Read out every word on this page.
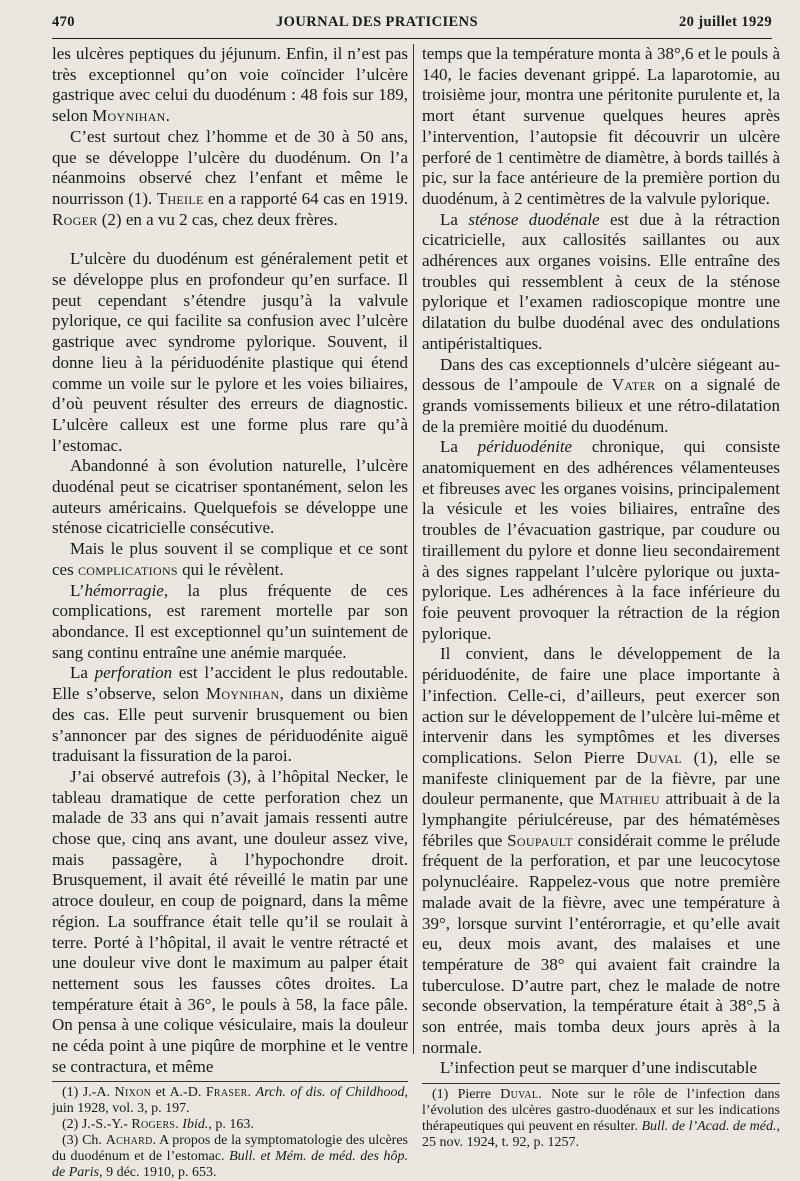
470	JOURNAL DES PRATICIENS	20 juillet 1929

les ulcères peptiques du jéjunum. Enfin, il n’est pas très exceptionnel qu’on voie coïncider l’ulcère gastrique avec celui du duodénum : 48 fois sur 189, selon Moynihan.

C’est surtout chez l’homme et de 30 à 50 ans, que se développe l’ulcère du duodénum. On l’a néanmoins observé chez l’enfant et même le nourrisson (1). Theile en a rapporté 64 cas en 1919. Roger (2) en a vu 2 cas, chez deux frères.

L’ulcère du duodénum est généralement petit et se développe plus en profondeur qu’en surface. Il peut cependant s’étendre jusqu’à la valvule pylorique, ce qui facilite sa confusion avec l’ulcère gastrique avec syndrome pylorique. Souvent, il donne lieu à la périduodénite plastique qui étend comme un voile sur le pylore et les voies biliaires, d’où peuvent résulter des erreurs de diagnostic. L’ulcère calleux est une forme plus rare qu’à l’estomac.

Abandonné à son évolution naturelle, l’ulcère duodénal peut se cicatriser spontanément, selon les auteurs américains. Quelquefois se développe une sténose cicatricielle consécutive.

Mais le plus souvent il se complique et ce sont ces complications qui le révèlent.

L’hémorragie, la plus fréquente de ces complications, est rarement mortelle par son abondance. Il est exceptionnel qu’un suintement de sang continu entraîne une anémie marquée.

La perforation est l’accident le plus redoutable. Elle s’observe, selon Moynihan, dans un dixième des cas. Elle peut survenir brusquement ou bien s’annoncer par des signes de périduodénite aiguë traduisant la fissuration de la paroi.

J’ai observé autrefois (3), à l’hôpital Necker, le tableau dramatique de cette perforation chez un malade de 33 ans qui n’avait jamais ressenti autre chose que, cinq ans avant, une douleur assez vive, mais passagère, à l’hypochondre droit. Brusquement, il avait été réveillé le matin par une atroce douleur, en coup de poignard, dans la même région. La souffrance était telle qu’il se roulait à terre. Porté à l’hôpital, il avait le ventre rétracté et une douleur vive dont le maximum au palper était nettement sous les fausses côtes droites. La température était à 36°, le pouls à 58, la face pâle. On pensa à une colique vésiculaire, mais la douleur ne céda point à une piqûre de morphine et le ventre se contractura, et même

(1) J.-A. Nixon et A.-D. Fraser. Arch. of dis. of Childhood, juin 1928, vol. 3, p. 197.

(2) J.-S.-Y.- Rogers. Ibid., p. 163.

(3) Ch. Achard. A propos de la symptomatologie des ulcères du duodénum et de l’estomac. Bull. et Mém. de méd. des hôp. de Paris, 9 déc. 1910, p. 653.

temps que la température monta à 38°,6 et le pouls à 140, le facies devenant grippé. La laparotomie, au troisième jour, montra une péritonite purulente et, la mort étant survenue quelques heures après l’intervention, l’autopsie fit découvrir un ulcère perforé de 1 centimètre de diamètre, à bords taillés à pic, sur la face antérieure de la première portion du duodénum, à 2 centimètres de la valvule pylorique.

La sténose duodénale est due à la rétraction cicatricielle, aux callosités saillantes ou aux adhérences aux organes voisins. Elle entraîne des troubles qui ressemblent à ceux de la sténose pylorique et l’examen radioscopique montre une dilatation du bulbe duodénal avec des ondulations antipéristaltiques.

Dans des cas exceptionnels d’ulcère siégeant au-dessous de l’ampoule de Vater on a signalé de grands vomissements bilieux et une rétro-dilatation de la première moitié du duodénum.

La périduodénite chronique, qui consiste anatomiquement en des adhérences vélamenteuses et fibreuses avec les organes voisins, principalement la vésicule et les voies biliaires, entraîne des troubles de l’évacuation gastrique, par coudure ou tiraillement du pylore et donne lieu secondairement à des signes rappelant l’ulcère pylorique ou juxta-pylorique. Les adhérences à la face inférieure du foie peuvent provoquer la rétraction de la région pylorique.

Il convient, dans le développement de la périduodénite, de faire une place importante à l’infection. Celle-ci, d’ailleurs, peut exercer son action sur le développement de l’ulcère lui-même et intervenir dans les symptômes et les diverses complications. Selon Pierre Duval (1), elle se manifeste cliniquement par de la fièvre, par une douleur permanente, que Mathieu attribuait à de la lymphangite périulcéreuse, par des hématémèses fébriles que Soupault considérait comme le prélude fréquent de la perforation, et par une leucocytose polynucléaire. Rappelez-vous que notre première malade avait de la fièvre, avec une température à 39°, lorsque survint l’entérorragie, et qu’elle avait eu, deux mois avant, des malaises et une température de 38° qui avaient fait craindre la tuberculose. D’autre part, chez le malade de notre seconde observation, la température était à 38°,5 à son entrée, mais tomba deux jours après à la normale.

L’infection peut se marquer d’une indiscutable

(1) Pierre Duval. Note sur le rôle de l’infection dans l’évolution des ulcères gastro-duodénaux et sur les indications thérapeutiques qui peuvent en résulter. Bull. de l’Acad. de méd., 25 nov. 1924, t. 92, p. 1257.
